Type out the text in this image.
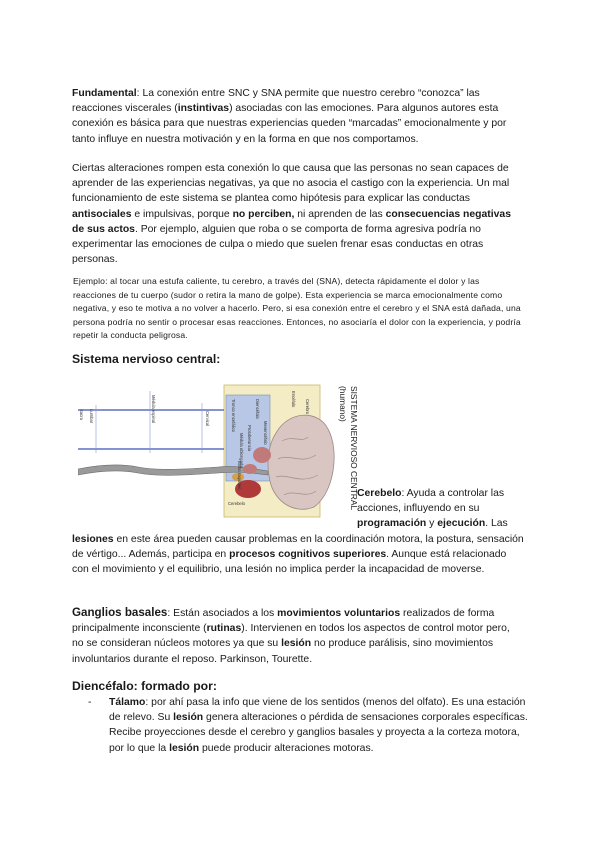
Fundamental: La conexión entre SNC y SNA permite que nuestro cerebro “conozca” las reacciones viscerales (instintivas) asociadas con las emociones. Para algunos autores esta conexión es básica para que nuestras experiencias queden “marcadas” emocionalmente y por tanto influye en nuestra motivación y en la forma en que nos comportamos.

Ciertas alteraciones rompen esta conexión lo que causa que las personas no sean capaces de aprender de las experiencias negativas, ya que no asocia el castigo con la experiencia. Un mal funcionamiento de este sistema se plantea como hipótesis para explicar las conductas antisociales e impulsivas, porque no perciben, ni aprenden de las consecuencias negativas de sus actos. Por ejemplo, alguien que roba o se comporta de forma agresiva podría no experimentar las emociones de culpa o miedo que suelen frenar esas conductas en otras personas.

Ejemplo: al tocar una estufa caliente, tu cerebro, a través del (SNA), detecta rápidamente el dolor y las reacciones de tu cuerpo (sudor o retira la mano de golpe). Esta experiencia se marca emocionalmente como negativa, y eso te motiva a no volver a hacerlo. Pero, si esa conexión entre el cerebro y el SNA está dañada, una persona podría no sentir o procesar esas reacciones. Entonces, no asociaría el dolor con la experiencia, y podría repetir la conducta peligrosa.

Sistema nervioso central:
Médula espinal	Tronco encefálico	Diencéfalo	Cerebro
Cerebelo
Médula oblongada
Lumbar
Sacra	Cervical
Mesencéfalo
Protuberancia
Bulbo raquídeo
Encéfalo	SISTEMA NERVIOSO CENTRAL
(humano)

Cerebelo: Ayuda a controlar las acciones, influyendo en su programación y ejecución. Las

lesiones en este área pueden causar problemas en la coordinación motora, la postura, sensación de vértigo... Además, participa en procesos cognitivos superiores. Aunque está relacionado con el movimiento y el equilibrio, una lesión no implica perder la incapacidad de moverse.

Ganglios basales: Están asociados a los movimientos voluntarios realizados de forma principalmente inconsciente (rutinas). Intervienen en todos los aspectos de control motor pero, no se consideran núcleos motores ya que su lesión no produce parálisis, sino movimientos involuntarios durante el reposo. Parkinson, Tourette.

Diencéfalo: formado por:
- Tálamo: por ahí pasa la info que viene de los sentidos (menos del olfato). Es una estación de relevo. Su lesión genera alteraciones o pérdida de sensaciones corporales específicas. Recibe proyecciones desde el cerebro y ganglios basales y proyecta a la corteza motora, por lo que la lesión puede producir alteraciones motoras.
